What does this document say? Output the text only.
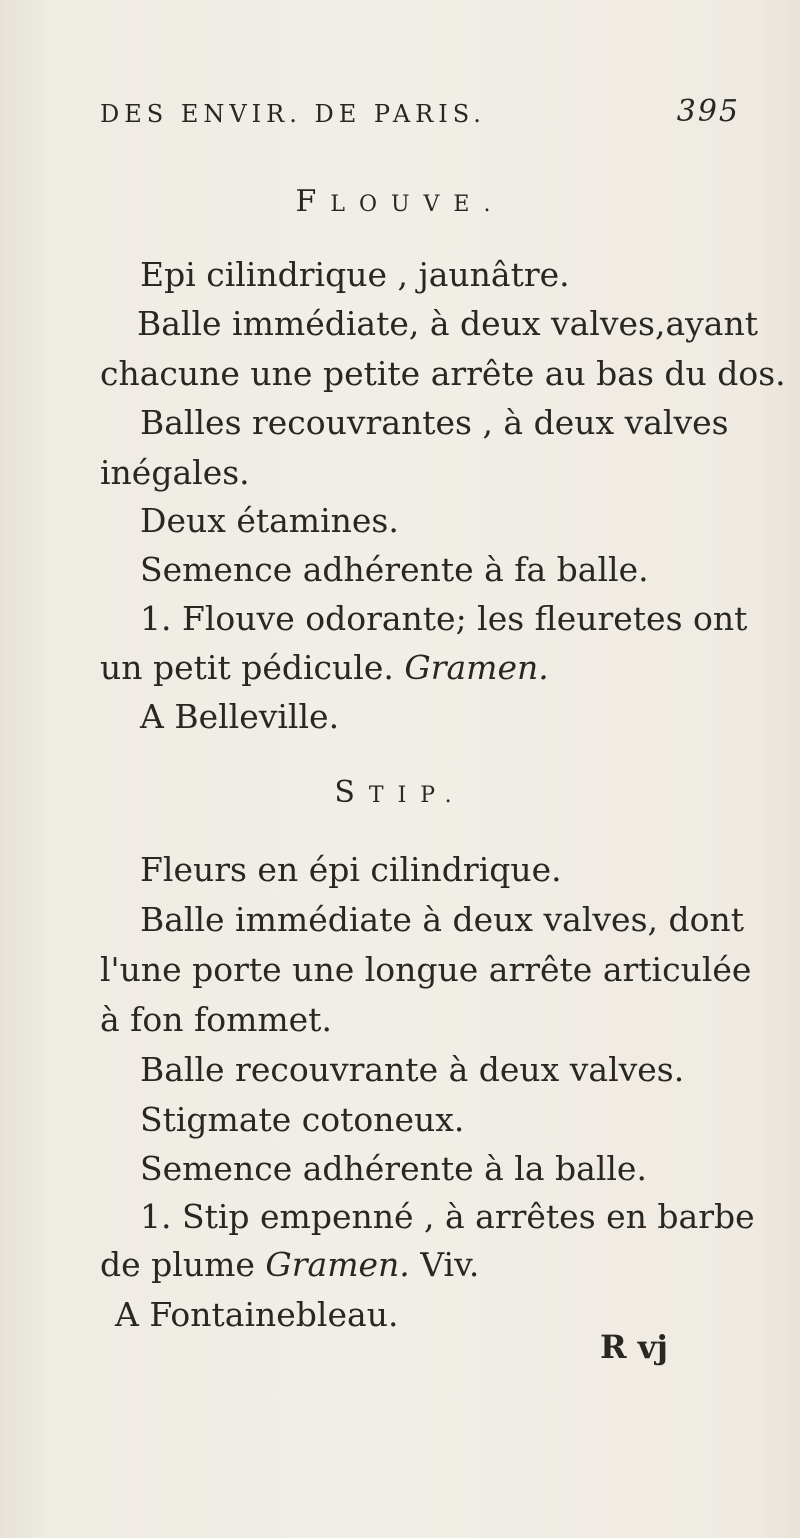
DES ENVIR. DE PARIS.	395
FLOUVE.
Epi cilindrique , jaunâtre.
Balle immédiate, à deux valves,ayant
chacune une petite arrête au bas du dos.
Balles recouvrantes , à deux valves
inégales.
Deux étamines.
Semence adhérente à fa balle.
1. Flouve odorante; les fleuretes ont
un petit pédicule. Gramen.
A Belleville.
STIP.
Fleurs en épi cilindrique.
Balle immédiate à deux valves, dont
l'une porte une longue arrête articulée
à fon fommet.
Balle recouvrante à deux valves.
Stigmate cotoneux.
Semence adhérente à la balle.
1. Stip empenné , à arrêtes en barbe
de plume Gramen. Viv.
A Fontainebleau.
R vj
